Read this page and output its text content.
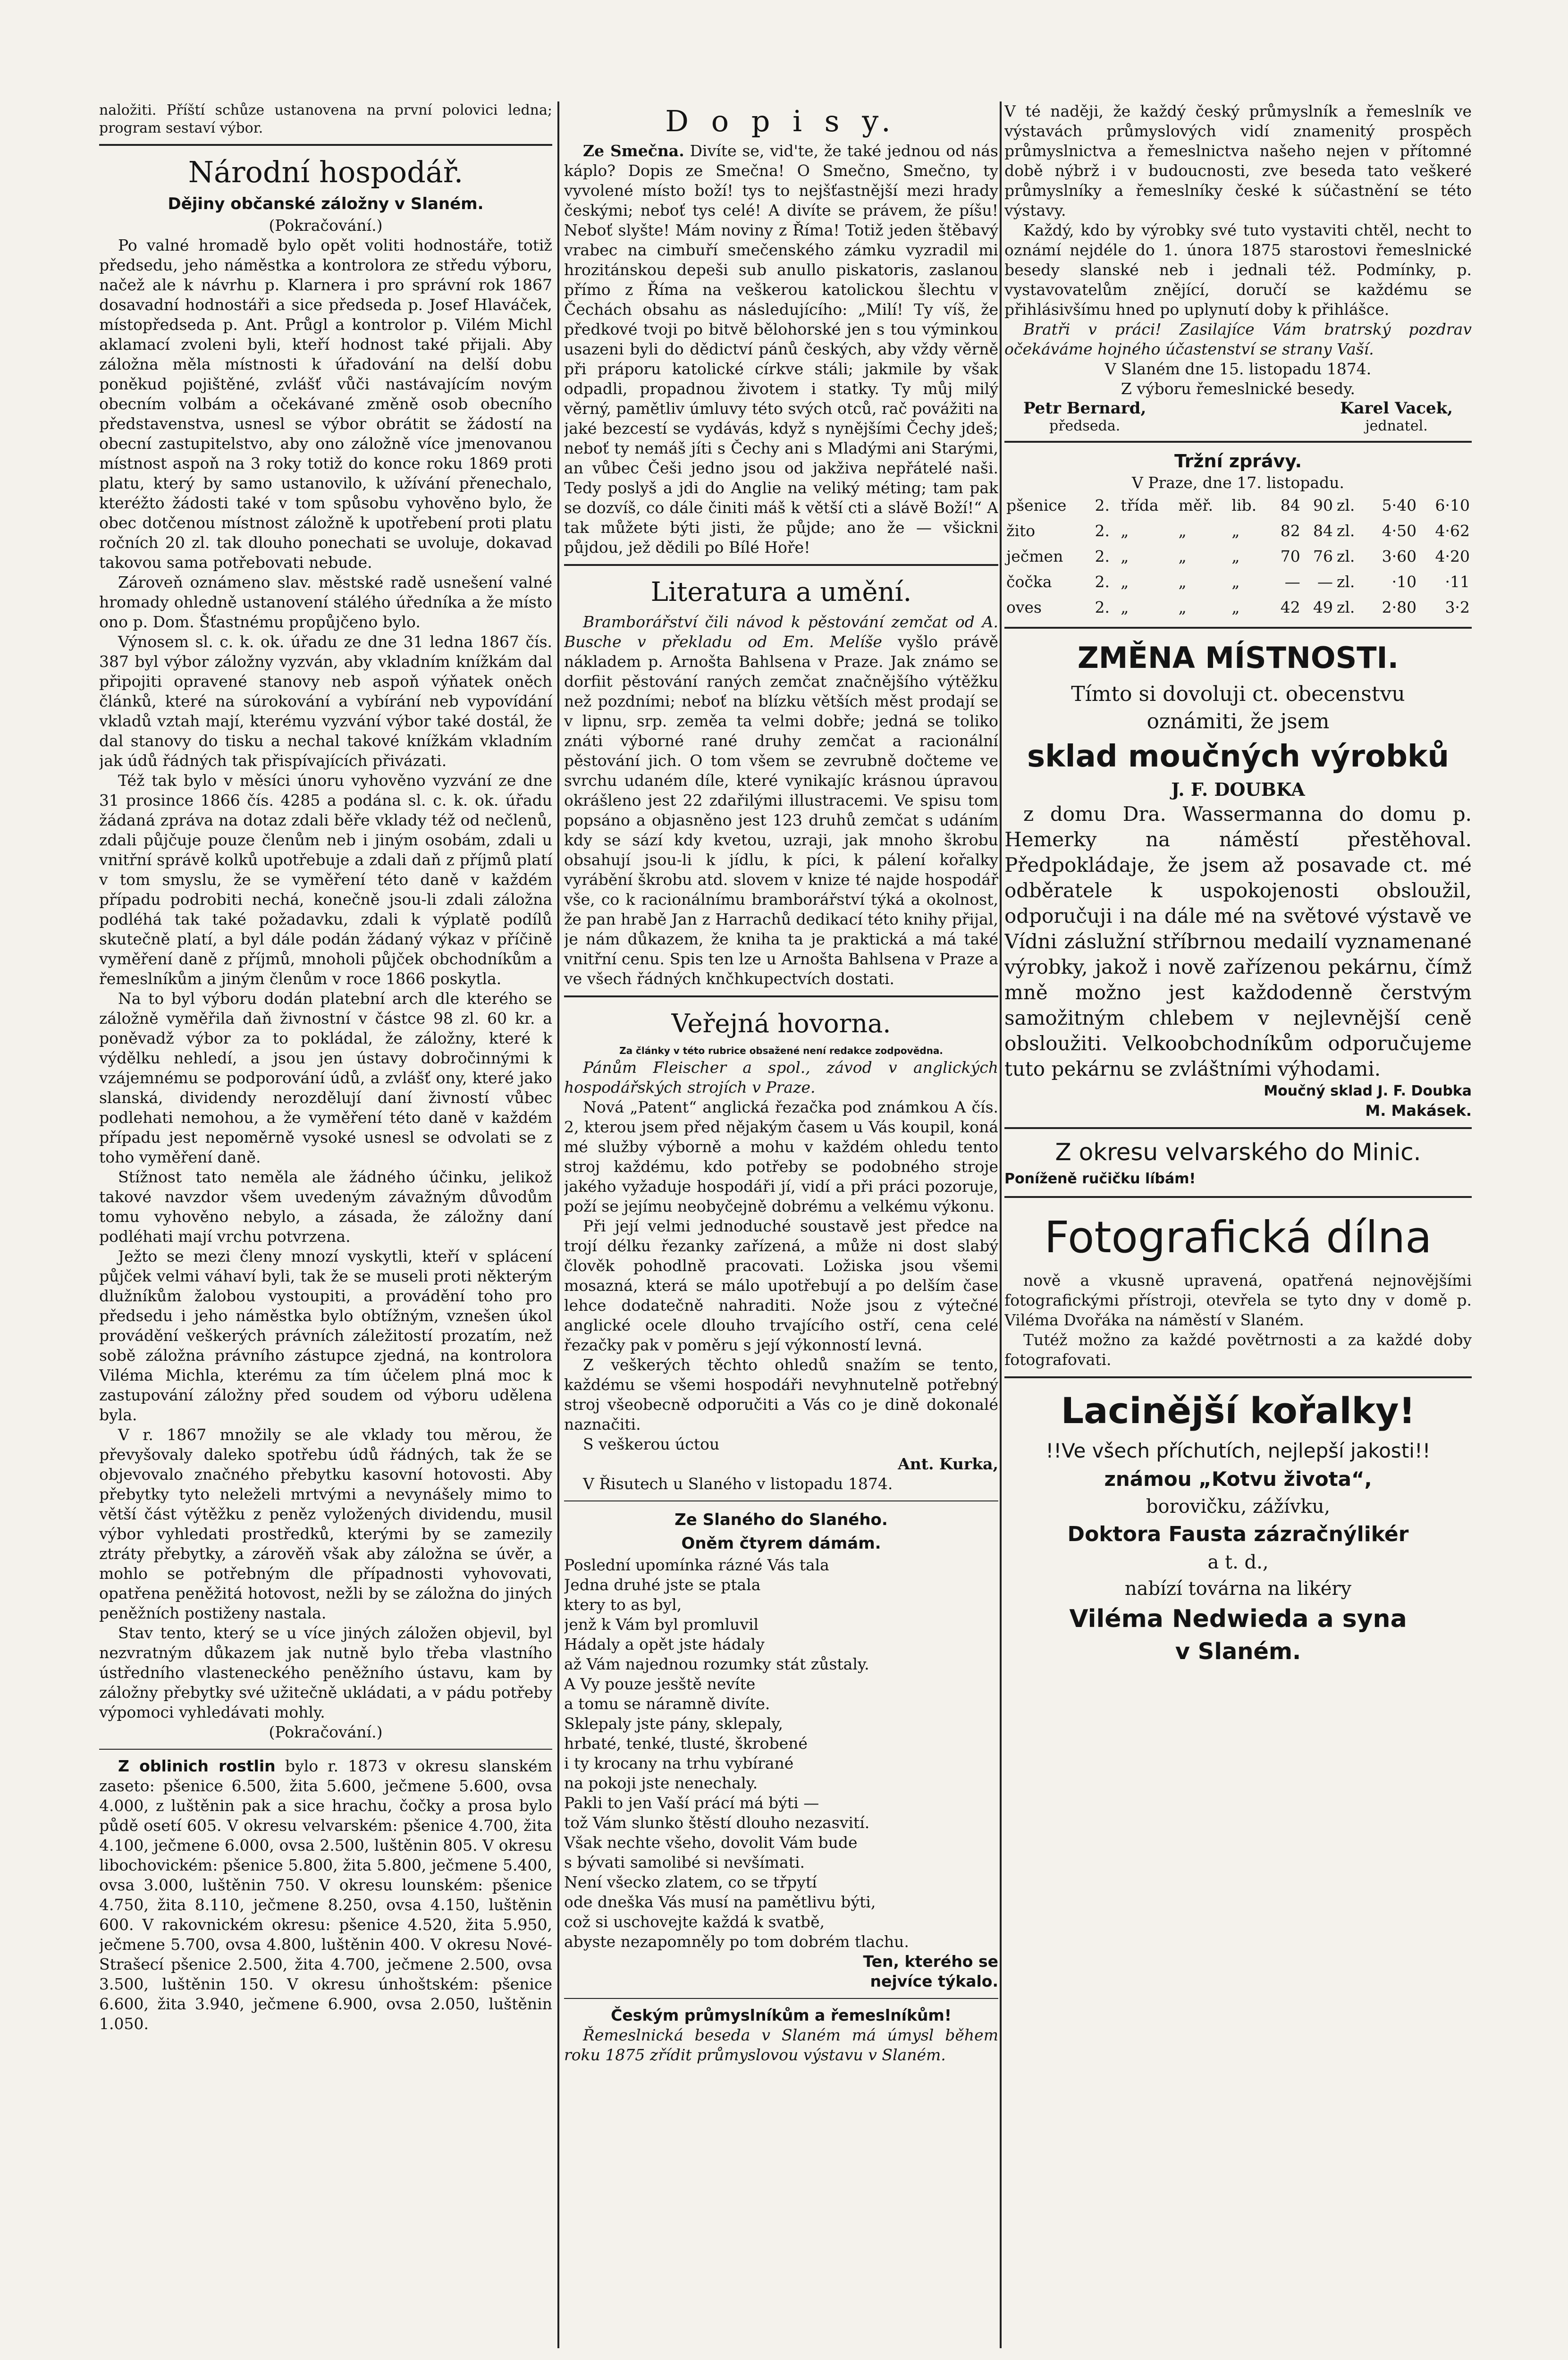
naložiti. Příští schůze ustanovena na první polovici ledna; program sestaví výbor.

Národní hospodář.
Dějiny občanské záložny v Slaném.

(Pokračování.)

Po valné hromadě bylo opět voliti hodnostáře, totiž předsedu, jeho náměstka a kontrolora ze středu výboru, načež ale k návrhu p. Klarnera i pro správní rok 1867 dosavadní hodnostáři a sice předseda p. Josef Hlaváček, místopředseda p. Ant. Průgl a kontrolor p. Vilém Michl aklamací zvoleni byli, kteří hodnost také přijali. Aby záložna měla místnosti k úřadování na delší dobu poněkud pojištěné, zvlášť vůči nastávajícím novým obecním volbám a očekávané změně osob obecního představenstva, usnesl se výbor obrátit se žádostí na obecní zastupitelstvo, aby ono záložně více jmenovanou místnost aspoň na 3 roky totiž do konce roku 1869 proti platu, který by samo ustanovilo, k užívání přenechalo, kteréžto žádosti také v tom spůsobu vyhověno bylo, že obec dotčenou místnost záložně k upotřebení proti platu ročních 20 zl. tak dlouho ponechati se uvoluje, dokavad takovou sama potřebovati nebude.

Zároveň oznámeno slav. městské radě usnešení valné hromady ohledně ustanovení stálého úředníka a že místo ono p. Dom. Šťastnému propůjčeno bylo.

Výnosem sl. c. k. ok. úřadu ze dne 31 ledna 1867 čís. 387 byl výbor záložny vyzván, aby vkladním knížkám dal připojiti opravené stanovy neb aspoň výňatek oněch článků, které na súrokování a vybírání neb vypovídání vkladů vztah mají, kterému vyzvání výbor také dostál, že dal stanovy do tisku a nechal takové knížkám vkladním jak údů řádných tak přispívajících přivázati.

Též tak bylo v měsíci únoru vyhověno vyzvání ze dne 31 prosince 1866 čís. 4285 a podána sl. c. k. ok. úřadu žádaná zpráva na dotaz zdali běře vklady též od nečlenů, zdali půjčuje pouze členům neb i jiným osobám, zdali u vnitřní správě kolků upotřebuje a zdali daň z příjmů platí v tom smyslu, že se vyměření této daně v každém případu podrobiti nechá, konečně jsou-li zdali záložna podléhá tak také požadavku, zdali k výplatě podílů skutečně platí, a byl dále podán žádaný výkaz v příčině vyměření daně z příjmů, mnoholi půjček obchodníkům a řemeslníkům a jiným členům v roce 1866 poskytla.

Na to byl výboru dodán platební arch dle kterého se záložně vyměřila daň živnostní v částce 98 zl. 60 kr. a poněvadž výbor za to pokládal, že záložny, které k výdělku nehledí, a jsou jen ústavy dobročinnými k vzájemnému se podporování údů, a zvlášť ony, které jako slanská, dividendy nerozdělují daní živností vůbec podlehati nemohou, a že vyměření této daně v každém případu jest nepoměrně vysoké usnesl se odvolati se z toho vyměření daně.

Stížnost tato neměla ale žádného účinku, jelikož takové navzdor všem uvedeným závažným důvodům tomu vyhověno nebylo, a zásada, že záložny daní podléhati mají vrchu potvrzena.

Ježto se mezi členy mnozí vyskytli, kteří v splácení půjček velmi váhaví byli, tak že se museli proti některým dlužníkům žalobou vystoupiti, a provádění toho pro předsedu i jeho náměstka bylo obtížným, vznešen úkol provádění veškerých právních záležitostí prozatím, než sobě záložna právního zástupce zjedná, na kontrolora Viléma Michla, kterému za tím účelem plná moc k zastupování záložny před soudem od výboru udělena byla.

V r. 1867 množily se ale vklady tou měrou, že převyšovaly daleko spotřebu údů řádných, tak že se objevovalo značného přebytku kasovní hotovosti. Aby přebytky tyto neleželi mrtvými a nevynášely mimo to větší část výtěžku z peněz vyložených dividendu, musil výbor vyhledati prostředků, kterými by se zamezily ztráty přebytky, a zárověň však aby záložna se úvěr, a mohlo se potřebným dle případnosti vyhovovati, opatřena peněžitá hotovost, nežli by se záložna do jiných peněžních postiženy nastala.

Stav tento, který se u více jiných záložen objevil, byl nezvratným důkazem jak nutně bylo třeba vlastního ústředního vlasteneckého peněžního ústavu, kam by záložny přebytky své užitečně ukládati, a v pádu potřeby výpomoci vyhledávati mohly.

(Pokračování.)

Z oblinich rostlin bylo r. 1873 v okresu slanském zaseto: pšenice 6.500, žita 5.600, ječmene 5.600, ovsa 4.000, z luštěnin pak a sice hrachu, čočky a prosa bylo půdě osetí 605. V okresu velvarském: pšenice 4.700, žita 4.100, ječmene 6.000, ovsa 2.500, luštěnin 805. V okresu libochovickém: pšenice 5.800, žita 5.800, ječmene 5.400, ovsa 3.000, luštěnin 750. V okresu lounském: pšenice 4.750, žita 8.110, ječmene 8.250, ovsa 4.150, luštěnin 600. V rakovnickém okresu: pšenice 4.520, žita 5.950, ječmene 5.700, ovsa 4.800, luštěnin 400. V okresu Nové-Strašecí pšenice 2.500, žita 4.700, ječmene 2.500, ovsa 3.500, luštěnin 150. V okresu únhoštském: pšenice 6.600, žita 3.940, ječmene 6.900, ovsa 2.050, luštěnin 1.050.

D o p i s y.

Ze Smečna. Divíte se, vid'te, že také jednou od nás káplo? Dopis ze Smečna! O Smečno, Smečno, ty vyvolené místo boží! tys to nejšťastnější mezi hrady českými; neboť tys celé! A divíte se právem, že píšu! Neboť slyšte! Mám noviny z Říma! Totiž jeden štěbavý vrabec na cimbuří smečenského zámku vyzradil mi hrozitánskou depeši sub anullo piskatoris, zaslanou přímo z Říma na veškerou katolickou šlechtu v Čechách obsahu as následujícího: „Milí! Ty víš, že předkové tvoji po bitvě bělohorské jen s tou výminkou usazeni byli do dědictví pánů českých, aby vždy věrně při práporu katolické církve stáli; jakmile by však odpadli, propadnou životem i statky. Ty můj milý věrný, pamětliv úmluvy této svých otců, rač povážiti na jaké bezcestí se vydávás, když s nynějšími Čechy jdeš; neboť ty nemáš jíti s Čechy ani s Mladými ani Starými, an vůbec Češi jedno jsou od jakživa nepřátelé naši. Tedy poslyš a jdi do Anglie na veliký méting; tam pak se dozvíš, co dále činiti máš k větší cti a slávě Boží!“ A tak můžete býti jisti, že půjde; ano že — všickni půjdou, jež dědili po Bílé Hoře!

Literatura a umění.

Bramborářství čili návod k pěstování zemčat od A. Busche v překladu od Em. Melíše vyšlo právě nákladem p. Arnošta Bahlsena v Praze. Jak známo se dorfiit pěstování raných zemčat značnějšího výtěžku než pozdními; neboť na blízku větších měst prodají se v lipnu, srp. zeměa ta velmi dobře; jedná se toliko znáti výborné rané druhy zemčat a racionální pěstování jich. O tom všem se zevrubně dočteme ve svrchu udaném díle, které vynikajíc krásnou úpravou okrášleno jest 22 zdařilými illustracemi. Ve spisu tom popsáno a objasněno jest 123 druhů zemčat s udáním kdy se sází kdy kvetou, uzraji, jak mnoho škrobu obsahují jsou-li k jídlu, k píci, k pálení kořalky vyrábění škrobu atd. slovem v knize té najde hospodář vše, co k racionálnímu bramborářství týká a okolnost, že pan hrabě Jan z Harrachů dedikací této knihy přijal, je nám důkazem, že kniha ta je praktická a má také vnitřní cenu. Spis ten lze u Arnošta Bahlsena v Praze a ve všech řádných knčhkupectvích dostati.

Veřejná hovorna.

Za články v této rubrice obsažené není redakce zodpovědna.

Pánům Fleischer a spol., závod v anglických hospodářských strojích v Praze.

Nová „Patent“ anglická řezačka pod známkou A čís. 2, kterou jsem před nějakým časem u Vás koupil, koná mé služby výborně a mohu v každém ohledu tento stroj každému, kdo potřeby se podobného stroje jakého vyžaduje hospodáři jí, vidí a při práci pozoruje, poží se jejímu neobyčejně dobrému a velkému výkonu.

Při její velmi jednoduché soustavě jest předce na trojí délku řezanky zařízená, a může ni dost slabý člověk pohodlně pracovati. Ložiska jsou všemi mosazná, která se málo upotřebují a po delším čase lehce dodatečně nahraditi. Nože jsou z výtečné anglické ocele dlouho trvajícího ostří, cena celé řezačky pak v poměru s její výkonností levná.

Z veškerých těchto ohledů snažím se tento, každému se všemi hospodáři nevyhnutelně potřebný stroj všeobecně odporučiti a Vás co je dině dokonalé naznačiti.

S veškerou úctou

Ant. Kurka,

V Řisutech u Slaného v listopadu 1874.

Ze Slaného do Slaného.
Oněm čtyrem dámám.

Poslední upomínka rázné Vás tala

Jedna druhé jste se ptala

ktery to as byl,

jenž k Vám byl promluvil

Hádaly a opět jste hádaly

až Vám najednou rozumky stát zůstaly.

A Vy pouze jesště nevíte

a tomu se náramně divíte.

Sklepaly jste pány, sklepaly,

hrbaté, tenké, tlusté, škrobené

i ty krocany na trhu vybírané

na pokoji jste nenechaly.

Pakli to jen Vaší prácí má býti —

tož Vám slunko štěstí dlouho nezasvití.

Však nechte všeho, dovolit Vám bude

s bývati samolibé si nevšímati.

Není všecko zlatem, co se třpytí

ode dneška Vás musí na pamětlivu býti,

což si uschovejte každá k svatbě,

abyste nezapomněly po tom dobrém tlachu.

Ten, kterého se

nejvíce týkalo.

Českým průmyslníkům a řemeslníkům!

Řemeslnická beseda v Slaném má úmysl během roku 1875 zřídit průmyslovou výstavu v Slaném.

V té naději, že každý český průmyslník a řemeslník ve výstavách průmyslových vidí znamenitý prospěch průmyslnictva a řemeslnictva našeho nejen v přítomné době nýbrž i v budoucnosti, zve beseda tato veškeré průmyslníky a řemeslníky české k súčastnění se této výstavy.

Každý, kdo by výrobky své tuto vystaviti chtěl, necht to oznámí nejdéle do 1. února 1875 starostovi řemeslnické besedy slanské neb i jednali též. Podmínky, p. vystavovatelům znějící, doručí se každému se přihlásivšímu hned po uplynutí doby k přihlášce.

Bratři v práci! Zasilajíce Vám bratrský pozdrav očekáváme hojného účastenství se strany Vaší.

V Slaném dne 15. listopadu 1874.

Z výboru řemeslnické besedy.

Petr Bernard,
předseda.
Karel Vacek,
jednatel.
Tržní zprávy.

V Praze, dne 17. listopadu.

pšenice	2.	třída	měř.	lib.	84	90	zl.	5·40	6·10
žito	2.	„	„	„	82	84	zl.	4·50	4·62
ječmen	2.	„	„	„	70	76	zl.	3·60	4·20
čočka	2.	„	„	„	—	—	zl.	·10	·11
oves	2.	„	„	„	42	49	zl.	2·80	3·2
ZMĚNA MÍSTNOSTI.
Tímto si dovoluji ct. obecenstvu
oznámiti, že jsem
sklad moučných výrobků
J. F. DOUBKA

z domu Dra. Wassermanna do domu p. Hemerky na náměstí přestěhoval. Předpokládaje, že jsem až posavade ct. mé odběratele k uspokojenosti obsloužil, odporučuji i na dále mé na světové výstavě ve Vídni záslužní stříbrnou medailí vyznamenané výrobky, jakož i nově zařízenou pekárnu, čímž mně možno jest každodenně čerstvým samožitným chlebem v nejlevnější ceně obsloužiti. Velkoobchodníkům odporučujeme tuto pekárnu se zvláštními výhodami.

Moučný sklad J. F. Doubka
M. Makásek.
Z okresu velvarského do Minic.
Poníženě ručičku líbám!
Fotografická dílna

nově a vkusně upravená, opatřená nejnovějšími fotografickými přístroji, otevřela se tyto dny v domě p. Viléma Dvořáka na náměstí v Slaném.

Tutéž možno za každé povětrnosti a za každé doby fotografovati.

Lacinější kořalky!
!!Ve všech příchutích, nejlepší jakosti!!
známou „Kotvu života“,
borovičku, zážívku,
Doktora Fausta zázračnýlikér
a t. d.,
nabízí továrna na likéry
Viléma Nedwieda a syna
v Slaném.
